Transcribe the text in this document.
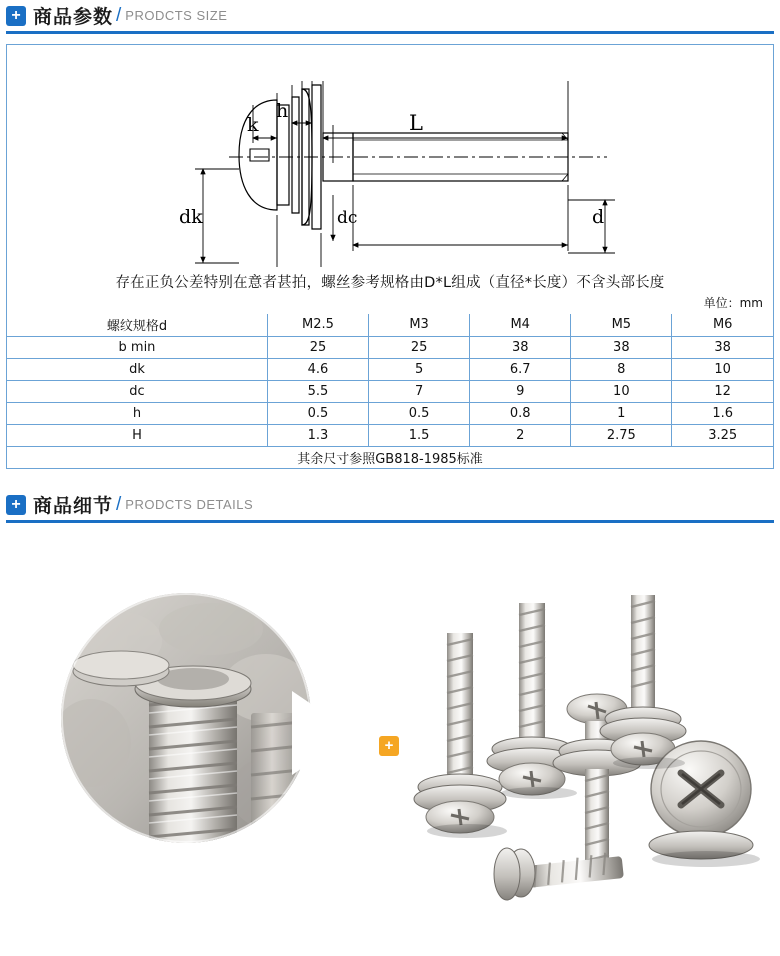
+ 商品参数 / PRODCTS SIZE
k
h	L
dk	dc	d
存在正负公差特别在意者甚拍，螺丝参考规格由D*L组成（直径*长度）不含头部长度
单位：mm
螺纹规格d	M2.5	M3	M4	M5	M6
b min	25	25	38	38	38
dk	4.6	5	6.7	8	10
dc	5.5	7	9	10	12
h	0.5	0.5	0.8	1	1.6
H	1.3	1.5	2	2.75	3.25
其余尺寸参照GB818-1985标准					
+ 商品细节 / PRODCTS DETAILS
+
